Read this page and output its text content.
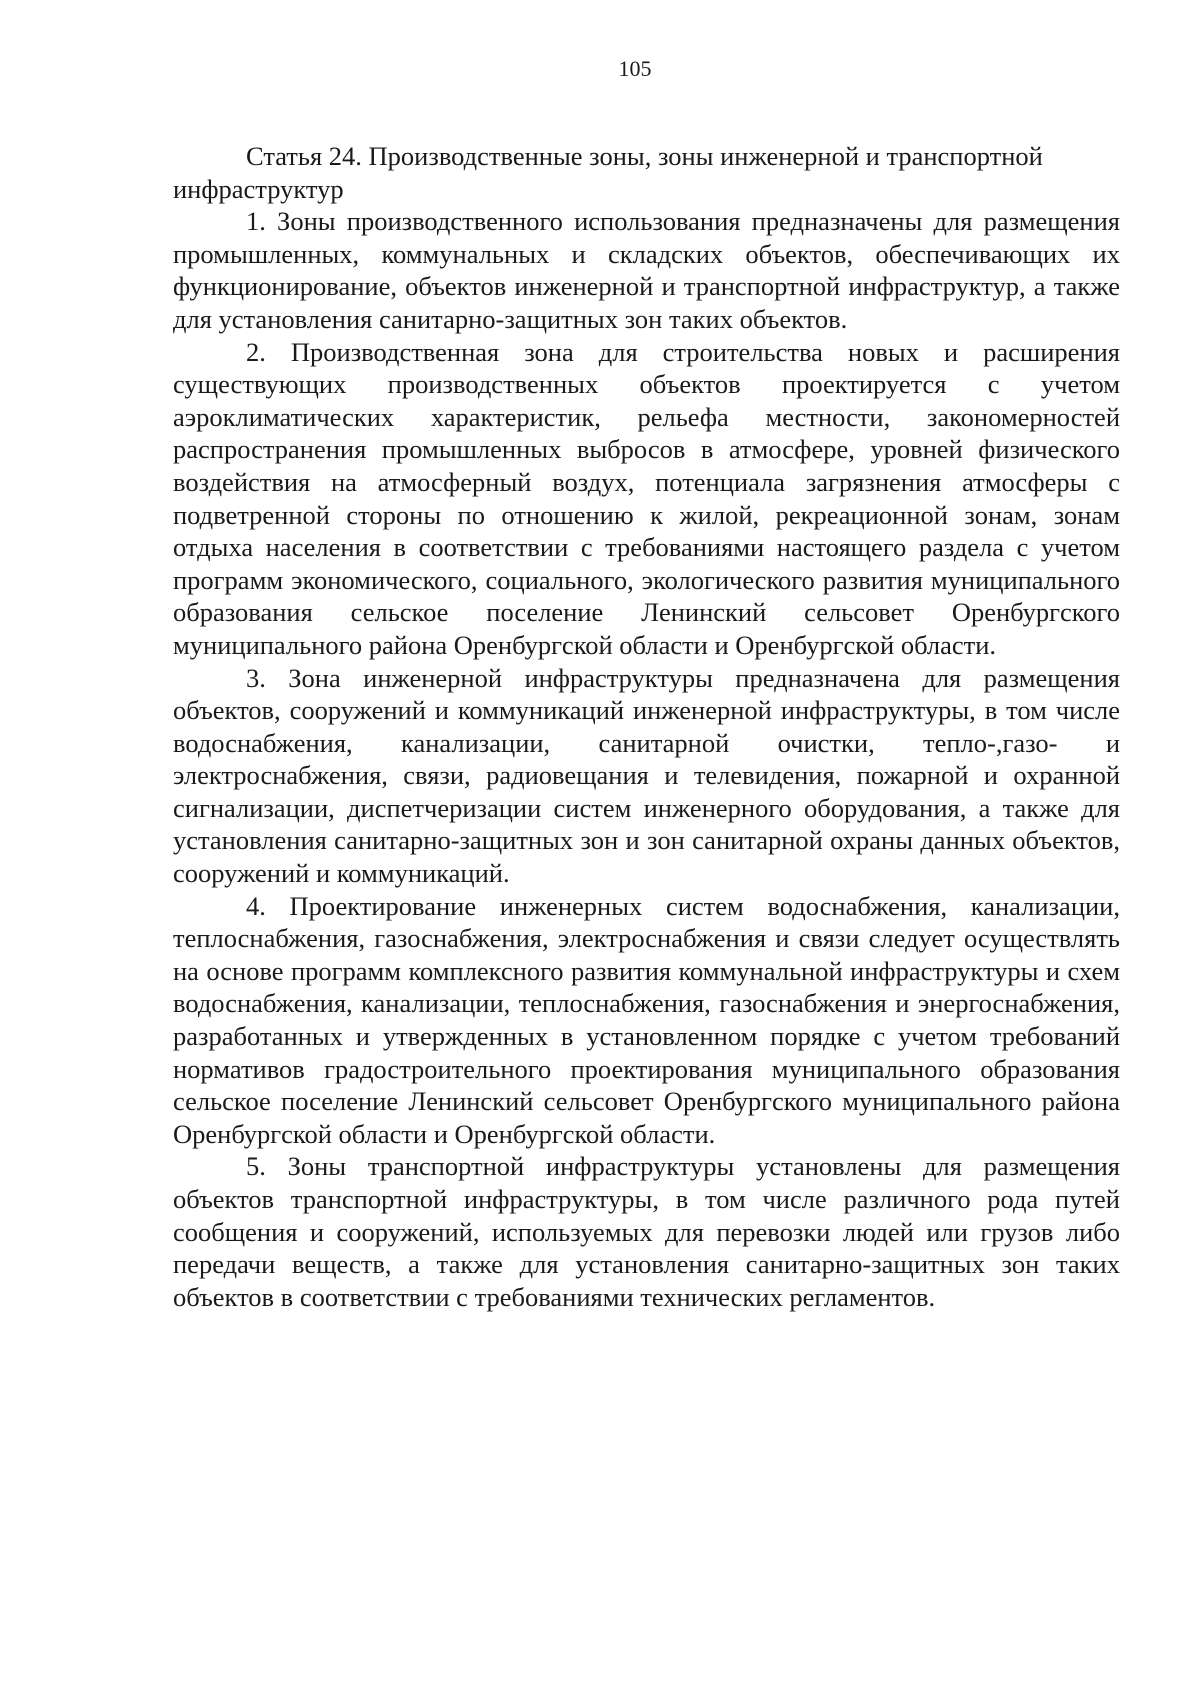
105

Статья 24. Производственные зоны, зоны инженерной и транспортной инфраструктур

1. Зоны производственного использования предназначены для размещения промышленных, коммунальных и складских объектов, обеспечивающих их функционирование, объектов инженерной и транспортной инфраструктур, а также для установления санитарно-защитных зон таких объектов.

2. Производственная зона для строительства новых и расширения существующих производственных объектов проектируется с учетом аэроклиматических характеристик, рельефа местности, закономерностей распространения промышленных выбросов в атмосфере, уровней физического воздействия на атмосферный воздух, потенциала загрязнения атмосферы с подветренной стороны по отношению к жилой, рекреационной зонам, зонам отдыха населения в соответствии с требованиями настоящего раздела с учетом программ экономического, социального, экологического развития муниципального образования сельское поселение Ленинский сельсовет Оренбургского муниципального района Оренбургской области и Оренбургской области.

3. Зона инженерной инфраструктуры предназначена для размещения объектов, сооружений и коммуникаций инженерной инфраструктуры, в том числе водоснабжения, канализации, санитарной очистки, тепло-,газо- и электроснабжения, связи, радиовещания и телевидения, пожарной и охранной сигнализации, диспетчеризации систем инженерного оборудования, а также для установления санитарно-защитных зон и зон санитарной охраны данных объектов, сооружений и коммуникаций.

4. Проектирование инженерных систем водоснабжения, канализации, теплоснабжения, газоснабжения, электроснабжения и связи следует осуществлять на основе программ комплексного развития коммунальной инфраструктуры и схем водоснабжения, канализации, теплоснабжения, газоснабжения и энергоснабжения, разработанных и утвержденных в установленном порядке с учетом требований нормативов градостроительного проектирования муниципального образования сельское поселение Ленинский сельсовет Оренбургского муниципального района Оренбургской области и Оренбургской области.

5. Зоны транспортной инфраструктуры установлены для размещения объектов транспортной инфраструктуры, в том числе различного рода путей сообщения и сооружений, используемых для перевозки людей или грузов либо передачи веществ, а также для установления санитарно-защитных зон таких объектов в соответствии с требованиями технических регламентов.
